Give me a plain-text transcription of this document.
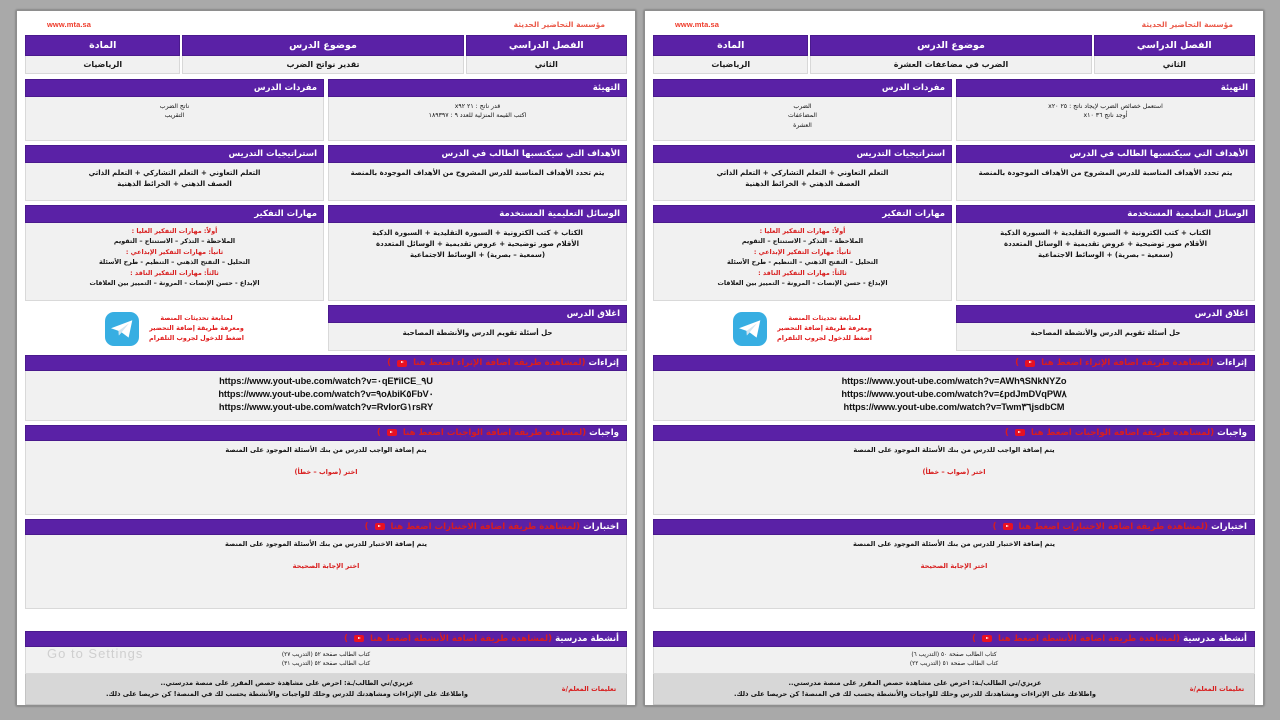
مؤسسة التحاضير الحديثة
www.mta.sa
الفصل الدراسي
الثاني
موضوع الدرس
الضرب في مضاعفات العشرة
المادة
الرياضيات
التهيئة
استعمل خصائص الضرب لإيجاد ناتج : ٢٥ x٢٠
أوجد ناتج ٣٦ x١٠
الأهداف التي سيكتسبها الطالب في الدرس
يتم تحدد الأهداف المناسبة للدرس المشروح من الأهداف الموجودة بالمنصة
الوسائل التعليمية المستخدمة
الكتاب + كتب الكترونية + السبورة التقليدية + السبورة الذكية
الأقلام صور توضيحية + عروض تقديمية + الوسائل المتعددة
(سمعية – بصرية) + الوسائط الاجتماعية
اغلاق الدرس
حل أسئلة تقويم الدرس والأنشطة المصاحبة
مفردات الدرس
الضرب
المضاعفات
العشرة
استراتيجيات التدريس
التعلم التعاوني + التعلم التشاركي + التعلم الذاتي
العصف الذهني + الخرائط الذهنية
مهارات التفكير
أولاً: مهارات التفكير العليا :
الملاحظة – التذكر – الاستنتاج – التقويم
ثانياً: مهارات التفكير الإبداعي :
التحليل – التفتح الذهني – التنظيم - طرح الأسئلة
ثالثاً: مهارات التفكير الناقد :
الإبداع - حسن الإنصات - المرونة – التمييز بين العلاقات
لمتابعة تحديثات المنصة
ومعرفة طريقة إضافة التحضير
اضغط للدخول لجروب التلفرام
إثراءات
(لمشاهدة طريقة اضافة الإثراء اضغط هنا
)
https://www.yout-ube.com/watch?v=AWh٩SNkNYZo
https://www.yout-ube.com/watch?v=٤pdJmDVqPW٨
https://www.yout-ube.com/watch?v=Twm٣٦jsdbCM
واجبات
(لمشاهدة طريقة اضافة الواجبات اضغط هنا
)
يتم إضافة الواجب للدرس من بنك الأسئلة الموجود على المنصة
اختر (صواب – خطأ)
اختبارات
(لمشاهدة طريقة اضافة الاختبارات اضغط هنا
)
يتم إضافة الاختبار للدرس من بنك الأسئلة الموجود على المنصة
اختر الإجابة الصحيحة
أنشطة مدرسية
(لمشاهدة طريقة اضافة الأنشطة اضغط هنا
)
كتاب الطالب صفحة ٥٠ (التدريب ٦)
كتاب الطالب صفحة ٥١ (التدريب ٢٢)
تعليمات المعلم/ة
عزيزي/تي الطالب/ـة: احرص على مشاهدة حصص المقرر على منصة مدرستي..
واطلاعك على الإثراءات ومشاهدتك للدرس وحلك للواجبات والأنشطة يحسب لك في المنصة! كن حريصا على ذلك.
مؤسسة التحاضير الحديثة
www.mta.sa
الفصل الدراسي
الثاني
موضوع الدرس
تقدير نواتج الضرب
المادة
الرياضيات
التهيئة
قدر ناتج : ٢١ x٩٢
اكتب القيمة المنزلية للعدد ٩ : ١٨٩٣٩٧
الأهداف التي سيكتسبها الطالب في الدرس
يتم تحدد الأهداف المناسبة للدرس المشروح من الأهداف الموجودة بالمنصة
الوسائل التعليمية المستخدمة
الكتاب + كتب الكترونية + السبورة التقليدية + السبورة الذكية
الأقلام صور توضيحية + عروض تقديمية + الوسائل المتعددة
(سمعية – بصرية) + الوسائط الاجتماعية
اغلاق الدرس
حل أسئلة تقويم الدرس والأنشطة المصاحبة
مفردات الدرس
ناتج الضرب
التقريب
استراتيجيات التدريس
التعلم التعاوني + التعلم التشاركي + التعلم الذاتي
العصف الذهني + الخرائط الذهنية
مهارات التفكير
أولاً: مهارات التفكير العليا :
الملاحظة – التذكر – الاستنتاج – التقويم
ثانياً: مهارات التفكير الإبداعي :
التحليل – التفتح الذهني – التنظيم - طرح الأسئلة
ثالثاً: مهارات التفكير الناقد :
الإبداع - حسن الإنصات - المرونة – التمييز بين العلاقات
لمتابعة تحديثات المنصة
ومعرفة طريقة إضافة التحضير
اضغط للدخول لجروب التلفرام
إثراءات
(لمشاهدة طريقة اضافة الإثراء اضغط هنا
)
https://www.yout-ube.com/watch?v=٠qE٣iICE_٩U
https://www.yout-ube.com/watch?v=٩o٨biK٥FbV٠
https://www.yout-ube.com/watch?v=RvIorG١rsRY
واجبات
(لمشاهدة طريقة اضافة الواجبات اضغط هنا
)
يتم إضافة الواجب للدرس من بنك الأسئلة الموجود على المنصة
اختر (صواب – خطأ)
اختبارات
(لمشاهدة طريقة اضافة الاختبارات اضغط هنا
)
يتم إضافة الاختبار للدرس من بنك الأسئلة الموجود على المنصة
اختر الإجابة الصحيحة
أنشطة مدرسية
(لمشاهدة طريقة اضافة الأنشطة اضغط هنا
)
كتاب الطالب صفحة ٥٢ (التدريب ٢٧)
كتاب الطالب صفحة ٥٢ (التدريب ٣١)
تعليمات المعلم/ة
عزيزي/تي الطالب/ـة: احرص على مشاهدة حصص المقرر على منصة مدرستي..
واطلاعك على الإثراءات ومشاهدتك للدرس وحلك للواجبات والأنشطة يحسب لك في المنصة! كن حريصا على ذلك.
Go to Settings
